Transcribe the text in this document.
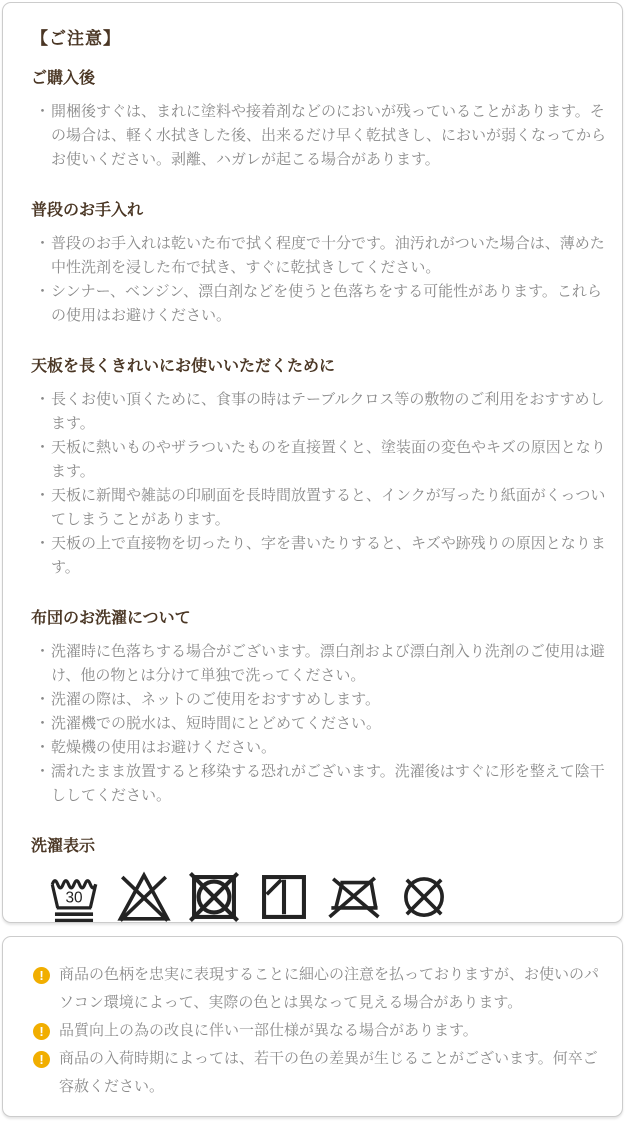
【ご注意】
ご購入後
・ 開梱後すぐは、まれに塗料や接着剤などのにおいが残っていることがあります。その場合は、軽く水拭きした後、出来るだけ早く乾拭きし、においが弱くなってからお使いください。剥離、ハガレが起こる場合があります。
普段のお手入れ
・ 普段のお手入れは乾いた布で拭く程度で十分です。油汚れがついた場合は、薄めた中性洗剤を浸した布で拭き、すぐに乾拭きしてください。
・ シンナー、ベンジン、漂白剤などを使うと色落ちをする可能性があります。これらの使用はお避けください。
天板を長くきれいにお使いいただくために
・ 長くお使い頂くために、食事の時はテーブルクロス等の敷物のご利用をおすすめします。
・ 天板に熱いものやザラついたものを直接置くと、塗装面の変色やキズの原因となります。
・ 天板に新聞や雑誌の印刷面を長時間放置すると、インクが写ったり紙面がくっついてしまうことがあります。
・ 天板の上で直接物を切ったり、字を書いたりすると、キズや跡残りの原因となります。
布団のお洗濯について
・ 洗濯時に色落ちする場合がございます。漂白剤および漂白剤入り洗剤のご使用は避け、他の物とは分けて単独で洗ってください。
・ 洗濯の際は、ネットのご使用をおすすめします。
・ 洗濯機での脱水は、短時間にとどめてください。
・ 乾燥機の使用はお避けください。
・ 濡れたまま放置すると移染する恐れがございます。洗濯後はすぐに形を整えて陰干ししてください。
洗濯表示
30
!
商品の色柄を忠実に表現することに細心の注意を払っておりますが、お使いのパソコン環境によって、実際の色とは異なって見える場合があります。
!
品質向上の為の改良に伴い一部仕様が異なる場合があります。
!
商品の入荷時期によっては、若干の色の差異が生じることがございます。何卒ご容赦ください。
